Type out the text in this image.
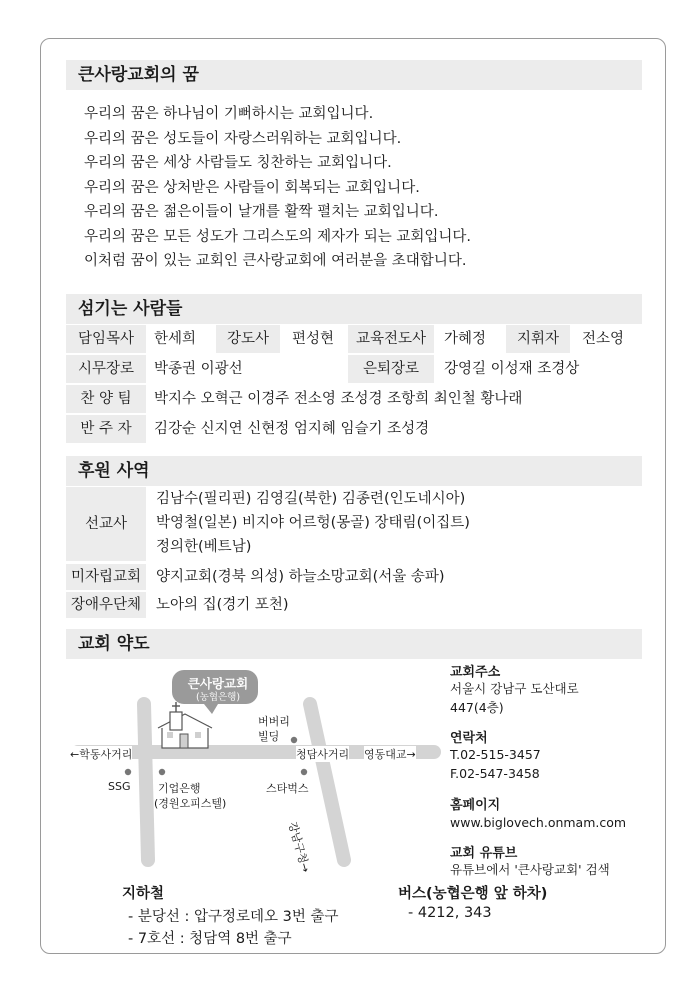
큰사랑교회의 꿈
우리의 꿈은 하나님이 기뻐하시는 교회입니다.
우리의 꿈은 성도들이 자랑스러워하는 교회입니다.
우리의 꿈은 세상 사람들도 칭찬하는 교회입니다.
우리의 꿈은 상처받은 사람들이 회복되는 교회입니다.
우리의 꿈은 젊은이들이 날개를 활짝 펼치는 교회입니다.
우리의 꿈은 모든 성도가 그리스도의 제자가 되는 교회입니다.
이처럼 꿈이 있는 교회인 큰사랑교회에 여러분을 초대합니다.
섬기는 사람들
담임목사	한세희	강도사	편성현	교육전도사	가혜정	지휘자	전소영
시무장로	박종권 이광선	은퇴장로	강영길 이성재 조경상
찬 양 팀	박지수 오혁근 이경주 전소영 조성경 조항희 최인철 황나래
반 주 자	김강순 신지연 신현정 엄지혜 임슬기 조성경
후원 사역
선교사
김남수(필리핀) 김영길(북한) 김종련(인도네시아)
박영철(일본) 비지야 어르헝(몽골) 장태림(이집트)
정의한(베트남)
미자립교회	양지교회(경북 의성) 하늘소망교회(서울 송파)
장애우단체	노아의 집(경기 포천)
교회 약도
큰사랑교회
(농협은행)
버버리
빌딩
←학동사거리	청담사거리 영동대교→
SSG	기업은행
(경원오피스텔)
스타벅스
강남구청→
교회주소
서울시 강남구 도산대로
447(4층)
연락처
T.02-515-3457
F.02-547-3458
홈페이지
www.biglovech.onmam.com
교회 유튜브
유튜브에서 '큰사랑교회' 검색
지하철
- 분당선 : 압구정로데오 3번 출구
- 7호선 : 청담역 8번 출구
버스(농협은행 앞 하차)
- 4212, 343
